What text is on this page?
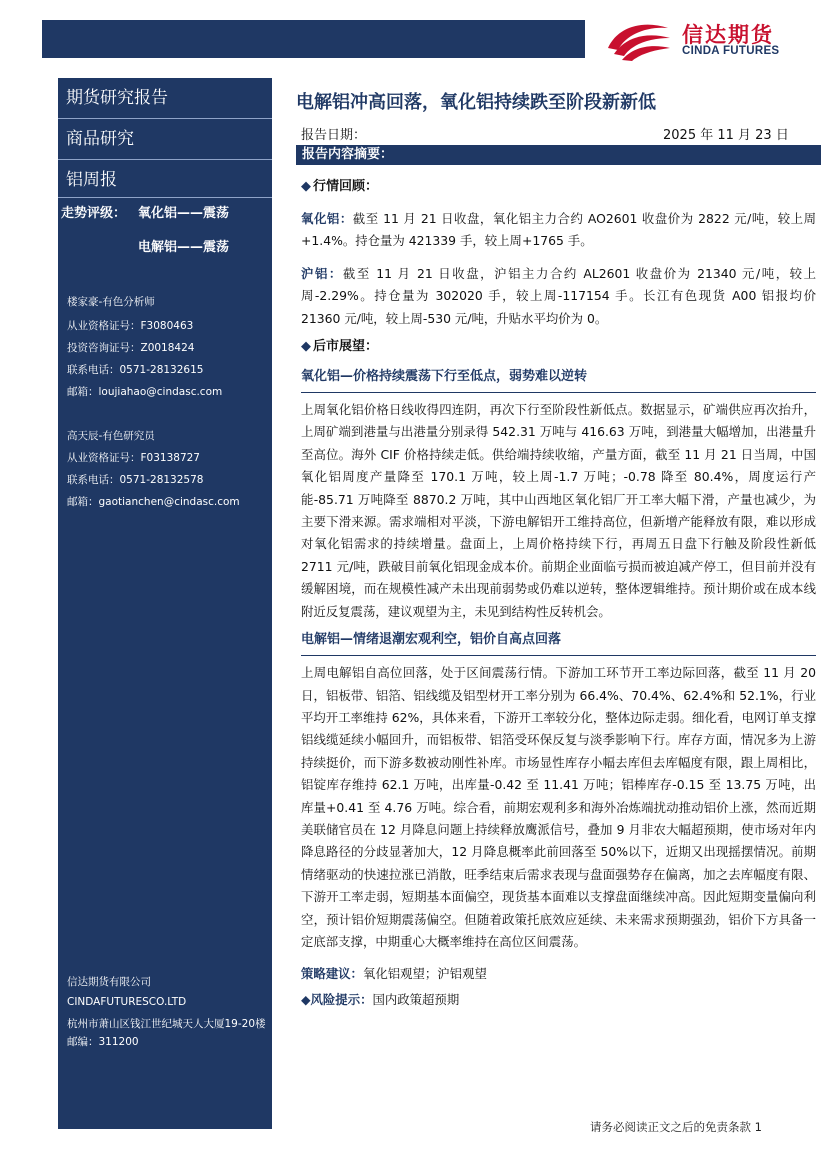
信达期货
CINDA FUTURES
期货研究报告
商品研究
铝周报
走势评级： 氧化铝——震荡
电解铝——震荡
楼家豪-有色分析师
从业资格证号：F3080463
投资咨询证号：Z0018424
联系电话：0571-28132615
邮箱：loujiahao@cindasc.com
高天辰-有色研究员
从业资格证号：F03138727
联系电话：0571-28132578
邮箱：gaotianchen@cindasc.com
信达期货有限公司
CINDAFUTURESCO.LTD
杭州市萧山区钱江世纪城天人大厦19-20楼
邮编：311200
电解铝冲高回落，氧化铝持续跌至阶段新新低
报告日期：	2025 年 11 月 23 日
报告内容摘要：
◆ 行情回顾：

氧化铝：截至 11 月 21 日收盘，氧化铝主力合约 AO2601 收盘价为 2822 元/吨，较上周+1.4%。持仓量为 421339 手，较上周+1765 手。

沪铝：截至 11 月 21 日收盘，沪铝主力合约 AL2601 收盘价为 21340 元/吨，较上周-2.29%。持仓量为 302020 手，较上周-117154 手。长江有色现货 A00 铝报均价 21360 元/吨，较上周-530 元/吨，升贴水平均价为 0。

◆ 后市展望：
氧化铝—价格持续震荡下行至低点，弱势难以逆转

上周氧化铝价格日线收得四连阴，再次下行至阶段性新低点。数据显示，矿端供应再次抬升，上周矿端到港量与出港量分别录得 542.31 万吨与 416.63 万吨，到港量大幅增加，出港量升至高位。海外 CIF 价格持续走低。供给端持续收缩，产量方面，截至 11 月 21 日当周，中国氧化铝周度产量降至 170.1 万吨，较上周-1.7 万吨；-0.78 降至 80.4%，周度运行产能-85.71 万吨降至 8870.2 万吨，其中山西地区氧化铝厂开工率大幅下滑，产量也减少，为主要下滑来源。需求端相对平淡，下游电解铝开工维持高位，但新增产能释放有限，难以形成对氧化铝需求的持续增量。盘面上，上周价格持续下行，再周五日盘下行触及阶段性新低 2711 元/吨，跌破目前氧化铝现金成本价。前期企业面临亏损而被迫减产停工，但目前并没有缓解困境，而在规模性减产未出现前弱势或仍难以逆转，整体逻辑维持。预计期价或在成本线附近反复震荡，建议观望为主，未见到结构性反转机会。

电解铝—情绪退潮宏观利空，铝价自高点回落

上周电解铝自高位回落，处于区间震荡行情。下游加工环节开工率边际回落，截至 11 月 20 日，铝板带、铝箔、铝线缆及铝型材开工率分别为 66.4%、70.4%、62.4%和 52.1%，行业平均开工率维持 62%，具体来看，下游开工率较分化，整体边际走弱。细化看，电网订单支撑铝线缆延续小幅回升，而铝板带、铝箔受环保反复与淡季影响下行。库存方面，情况多为上游持续挺价，而下游多数被动刚性补库。市场显性库存小幅去库但去库幅度有限，跟上周相比，铝锭库存维持 62.1 万吨，出库量-0.42 至 11.41 万吨；铝棒库存-0.15 至 13.75 万吨，出库量+0.41 至 4.76 万吨。综合看，前期宏观利多和海外冶炼端扰动推动铝价上涨，然而近期美联储官员在 12 月降息问题上持续释放鹰派信号，叠加 9 月非农大幅超预期，使市场对年内降息路径的分歧显著加大，12 月降息概率此前回落至 50%以下，近期又出现摇摆情况。前期情绪驱动的快速拉涨已消散，旺季结束后需求表现与盘面强势存在偏离，加之去库幅度有限、下游开工率走弱，短期基本面偏空，现货基本面难以支撑盘面继续冲高。因此短期变量偏向利空，预计铝价短期震荡偏空。但随着政策托底效应延续、未来需求预期强劲，铝价下方具备一定底部支撑，中期重心大概率维持在高位区间震荡。

策略建议：氧化铝观望；沪铝观望

◆风险提示：国内政策超预期

请务必阅读正文之后的免责条款 1
